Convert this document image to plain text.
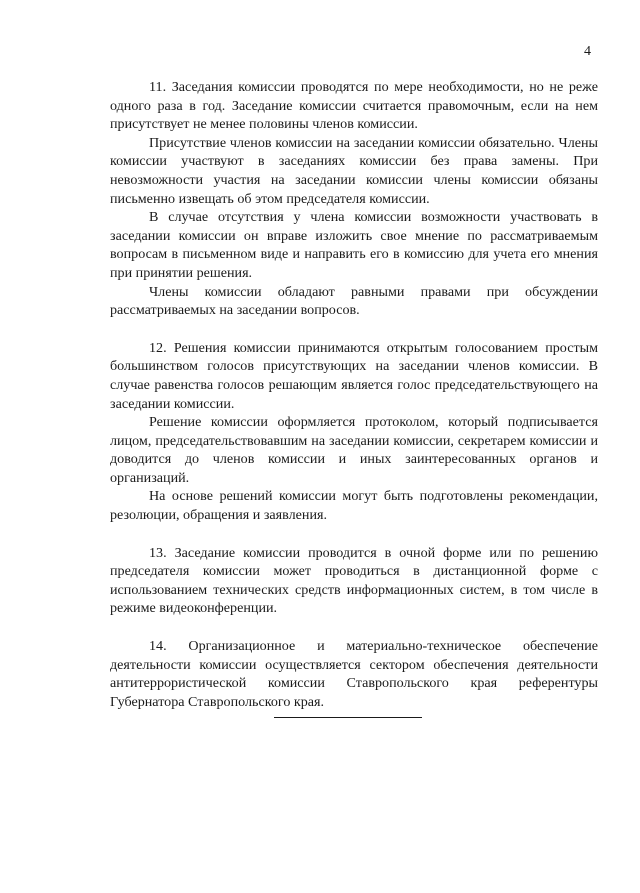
4

11. Заседания комиссии проводятся по мере необходимости, но не реже одного раза в год. Заседание комиссии считается правомочным, если на нем присутствует не менее половины членов комиссии.

Присутствие членов комиссии на заседании комиссии обязательно. Члены комиссии участвуют в заседаниях комиссии без права замены. При невозможности участия на заседании комиссии члены комиссии обязаны письменно извещать об этом председателя комиссии.

В случае отсутствия у члена комиссии возможности участвовать в заседании комиссии он вправе изложить свое мнение по рассматриваемым вопросам в письменном виде и направить его в комиссию для учета его мнения при принятии решения.

Члены комиссии обладают равными правами при обсуждении рассматриваемых на заседании вопросов.

12. Решения комиссии принимаются открытым голосованием простым большинством голосов присутствующих на заседании членов комиссии. В случае равенства голосов решающим является голос председательствующего на заседании комиссии.

Решение комиссии оформляется протоколом, который подписывается лицом, председательствовавшим на заседании комиссии, секретарем комиссии и доводится до членов комиссии и иных заинтересованных органов и организаций.

На основе решений комиссии могут быть подготовлены рекомендации, резолюции, обращения и заявления.

13. Заседание комиссии проводится в очной форме или по решению председателя комиссии может проводиться в дистанционной форме с использованием технических средств информационных систем, в том числе в режиме видеоконференции.

14. Организационное и материально-техническое обеспечение деятельности комиссии осуществляется сектором обеспечения деятельности антитеррористической комиссии Ставропольского края референтуры Губернатора Ставропольского края.
